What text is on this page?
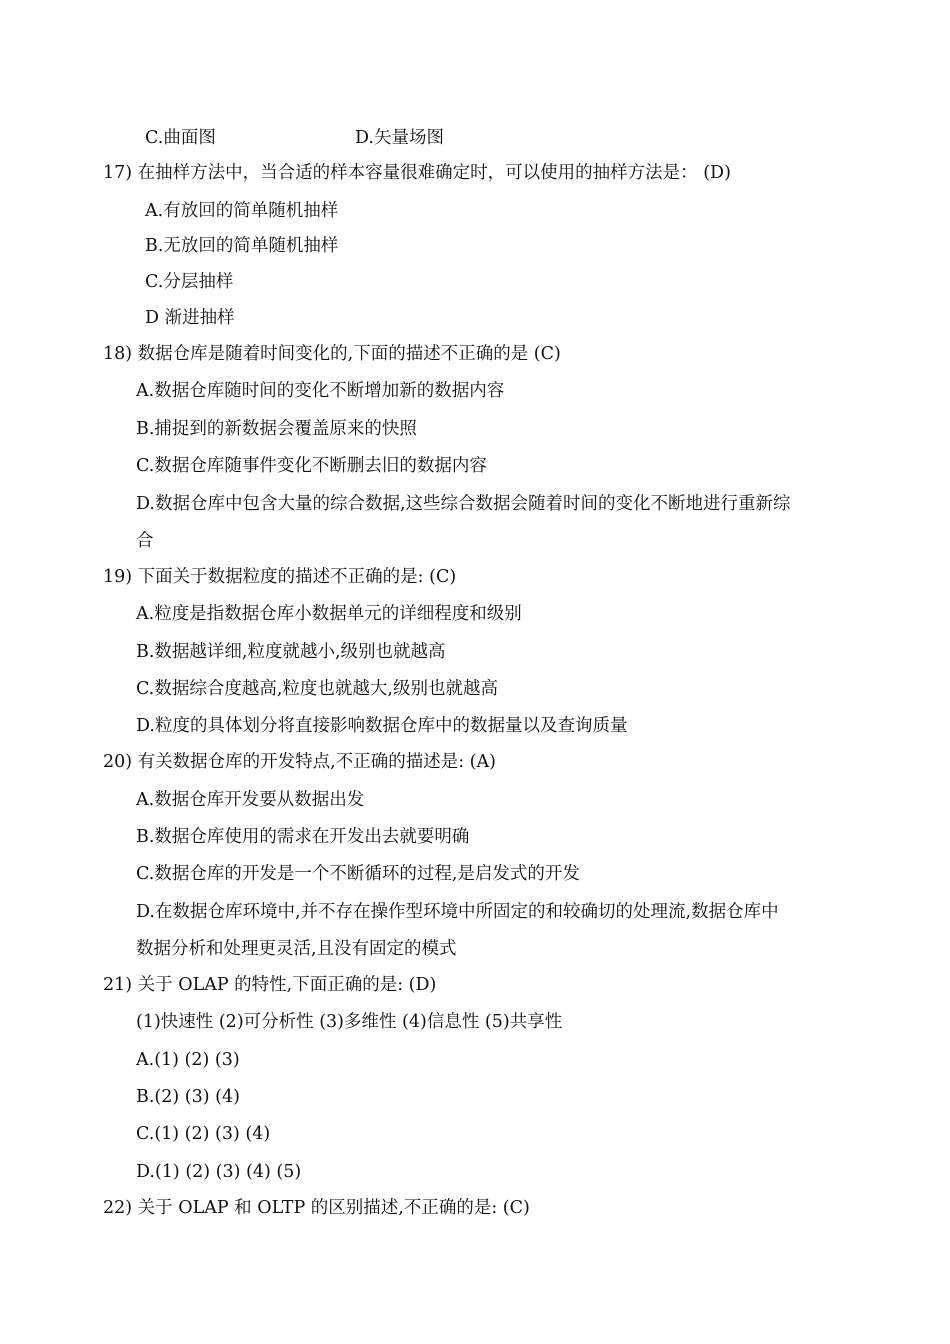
C.曲面图	D.矢量场图
17) 在抽样方法中，当合适的样本容量很难确定时，可以使用的抽样方法是： (D)
A.有放回的简单随机抽样
B.无放回的简单随机抽样
C.分层抽样
D 渐进抽样
18) 数据仓库是随着时间变化的,下面的描述不正确的是 (C)
A.数据仓库随时间的变化不断增加新的数据内容
B.捕捉到的新数据会覆盖原来的快照
C.数据仓库随事件变化不断删去旧的数据内容
D.数据仓库中包含大量的综合数据,这些综合数据会随着时间的变化不断地进行重新综
合
19) 下面关于数据粒度的描述不正确的是: (C)
A.粒度是指数据仓库小数据单元的详细程度和级别
B.数据越详细,粒度就越小,级别也就越高
C.数据综合度越高,粒度也就越大,级别也就越高
D.粒度的具体划分将直接影响数据仓库中的数据量以及查询质量
20) 有关数据仓库的开发特点,不正确的描述是: (A)
A.数据仓库开发要从数据出发
B.数据仓库使用的需求在开发出去就要明确
C.数据仓库的开发是一个不断循环的过程,是启发式的开发
D.在数据仓库环境中,并不存在操作型环境中所固定的和较确切的处理流,数据仓库中
数据分析和处理更灵活,且没有固定的模式
21) 关于 OLAP 的特性,下面正确的是: (D)
(1)快速性 (2)可分析性 (3)多维性 (4)信息性 (5)共享性
A.(1) (2) (3)
B.(2) (3) (4)
C.(1) (2) (3) (4)
D.(1) (2) (3) (4) (5)
22) 关于 OLAP 和 OLTP 的区别描述,不正确的是: (C)
